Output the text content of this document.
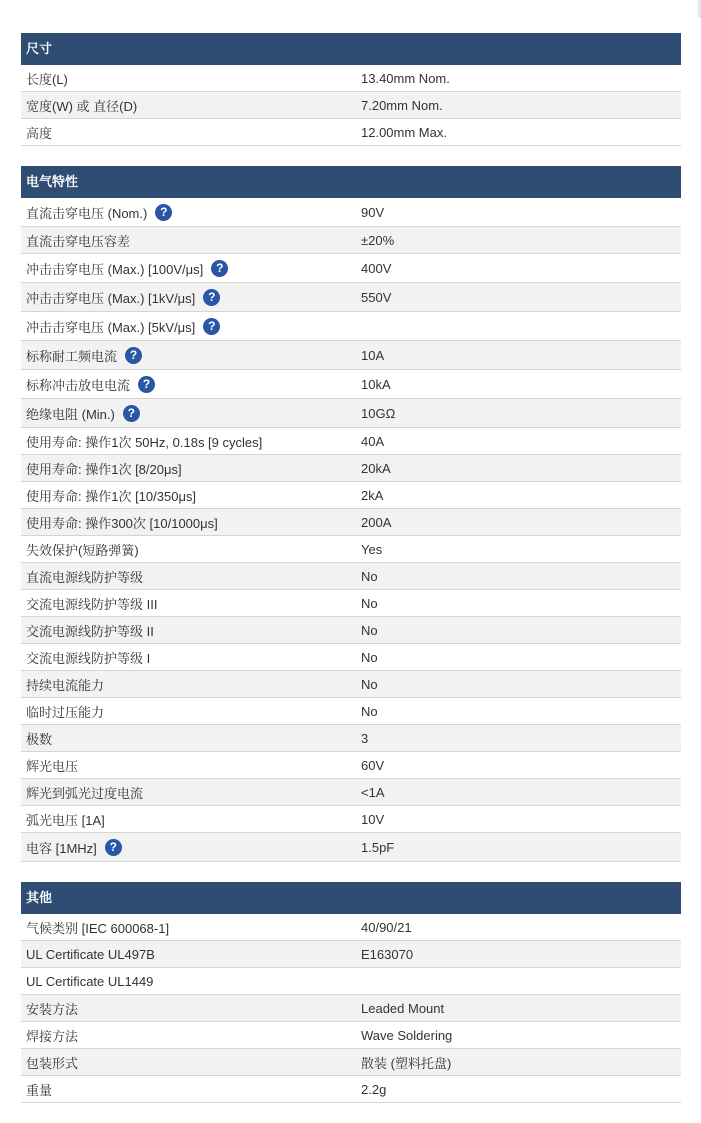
尺寸
长度(L)	13.40mm Nom.
宽度(W) 或 直径(D)	7.20mm Nom.
高度	12.00mm Max.
电气特性
直流击穿电压 (Nom.)	?	90V
直流击穿电压容差	±20%
冲击击穿电压 (Max.) [100V/μs]	?	400V
冲击击穿电压 (Max.) [1kV/μs]	?	550V
冲击击穿电压 (Max.) [5kV/μs]	?
标称耐工频电流	?	10A
标称冲击放电电流	?	10kA
绝缘电阻 (Min.)	?	10GΩ
使用寿命: 操作1次 50Hz, 0.18s [9 cycles]	40A
使用寿命: 操作1次 [8/20μs]	20kA
使用寿命: 操作1次 [10/350μs]	2kA
使用寿命: 操作300次 [10/1000μs]	200A
失效保护(短路弹簧)	Yes
直流电源线防护等级	No
交流电源线防护等级 III	No
交流电源线防护等级 II	No
交流电源线防护等级 I	No
持续电流能力	No
临时过压能力	No
极数	3
辉光电压	60V
辉光到弧光过度电流	<1A
弧光电压 [1A]	10V
电容 [1MHz]	?	1.5pF
其他
气候类别 [IEC 600068-1]	40/90/21
UL Certificate UL497B	E163070
UL Certificate UL1449
安装方法	Leaded Mount
焊接方法	Wave Soldering
包装形式	散装 (塑料托盘)
重量	2.2g
